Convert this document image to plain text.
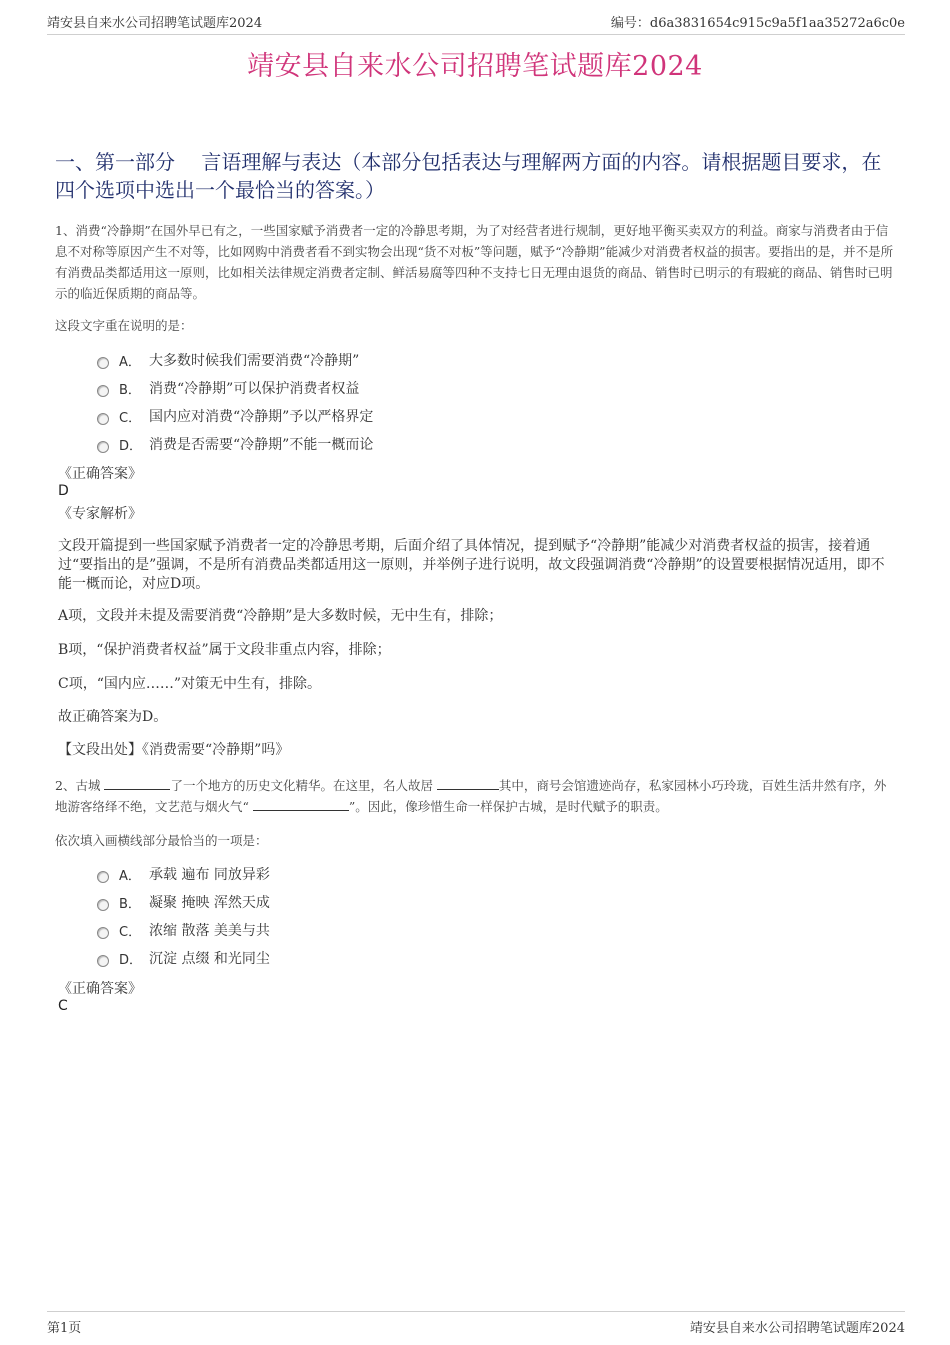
靖安县自来水公司招聘笔试题库2024	编号：d6a3831654c915c9a5f1aa35272a6c0e
靖安县自来水公司招聘笔试题库2024
一、第一部分　 言语理解与表达（本部分包括表达与理解两方面的内容。请根据题目要求，在四个选项中选出一个最恰当的答案。）
1、消费“冷静期”在国外早已有之，一些国家赋予消费者一定的冷静思考期，为了对经营者进行规制，更好地平衡买卖双方的利益。商家与消费者由于信息不对称等原因产生不对等，比如网购中消费者看不到实物会出现“货不对板”等问题，赋予“冷静期”能减少对消费者权益的损害。要指出的是，并不是所有消费品类都适用这一原则，比如相关法律规定消费者定制、鲜活易腐等四种不支持七日无理由退货的商品、销售时已明示的有瑕疵的商品、销售时已明示的临近保质期的商品等。
这段文字重在说明的是：
A． 大多数时候我们需要消费“冷静期”
B． 消费“冷静期”可以保护消费者权益
C． 国内应对消费“冷静期”予以严格界定
D． 消费是否需要“冷静期”不能一概而论
《正确答案》
D
《专家解析》
文段开篇提到一些国家赋予消费者一定的冷静思考期，后面介绍了具体情况，提到赋予“冷静期”能减少对消费者权益的损害，接着通过“要指出的是”强调，不是所有消费品类都适用这一原则，并举例子进行说明，故文段强调消费“冷静期”的设置要根据情况适用，即不能一概而论，对应D项。
A项，文段并未提及需要消费“冷静期”是大多数时候，无中生有，排除；
B项，“保护消费者权益”属于文段非重点内容，排除；
C项，“国内应……”对策无中生有，排除。
故正确答案为D。
【文段出处】《消费需要“冷静期”吗》
2、古城	了一个地方的历史文化精华。在这里，名人故居	其中，商号会馆遗迹尚存，私家园林小巧玲珑，百姓生活井然有序，外地游客络绎不绝，文艺范与烟火气“	”。因此，像珍惜生命一样保护古城，是时代赋予的职责。
依次填入画横线部分最恰当的一项是：
A． 承载 遍布 同放异彩
B． 凝聚 掩映 浑然天成
C． 浓缩 散落 美美与共
D． 沉淀 点缀 和光同尘
《正确答案》
C
第1页	靖安县自来水公司招聘笔试题库2024
